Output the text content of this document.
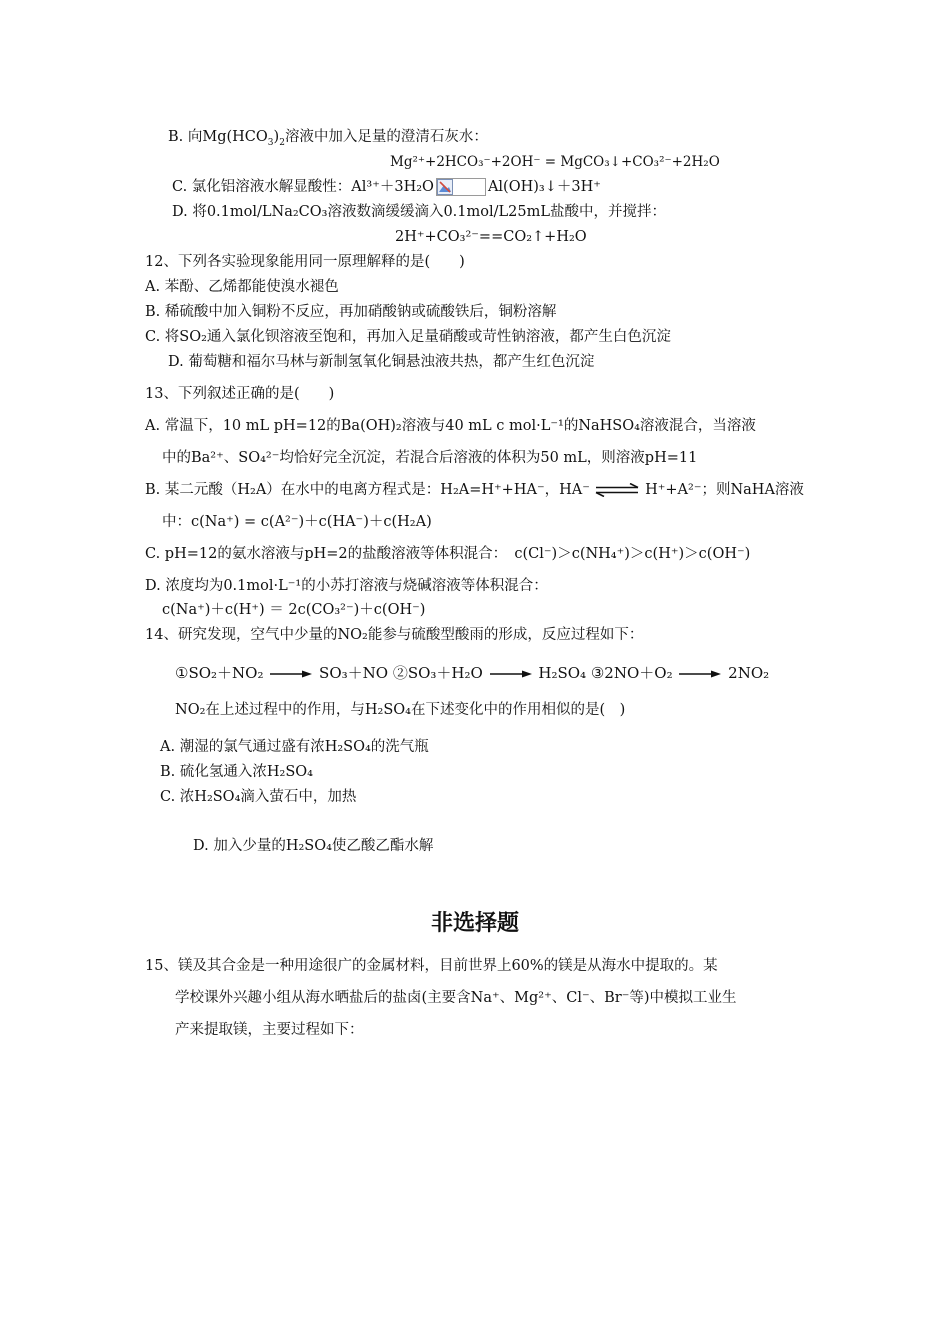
B. 向$Mg(HCO_3)_2$溶液中加入足量的澄清石灰水：
Mg²⁺+2HCO₃⁻+2OH⁻ = MgCO₃↓+CO₃²⁻+2H₂O
C. 氯化铝溶液水解显酸性：Al³⁺＋3H₂O	Al(OH)₃↓＋3H⁺
D. 将0.1mol/LNa₂CO₃溶液数滴缓缓滴入0.1mol/L25mL盐酸中，并搅拌：
2H⁺+CO₃²⁻==CO₂↑+H₂O
12、下列各实验现象能用同一原理解释的是(　　)
A. 苯酚、乙烯都能使溴水褪色
B. 稀硫酸中加入铜粉不反应，再加硝酸钠或硫酸铁后，铜粉溶解
C. 将SO₂通入氯化钡溶液至饱和，再加入足量硝酸或苛性钠溶液，都产生白色沉淀
D. 葡萄糖和福尔马林与新制氢氧化铜悬浊液共热，都产生红色沉淀
13、下列叙述正确的是(　　)
A. 常温下，10 mL pH=12的Ba(OH)₂溶液与40 mL c mol·L⁻¹的NaHSO₄溶液混合，当溶液
中的Ba²⁺、SO₄²⁻均恰好完全沉淀，若混合后溶液的体积为50 mL，则溶液pH=11
B. 某二元酸（H₂A）在水中的电离方程式是：H₂A=H⁺+HA⁻，HA⁻ ⇌ H⁺+A²⁻；则NaHA溶液
中：c(Na⁺) = c(A²⁻)＋c(HA⁻)＋c(H₂A)
C. pH=12的氨水溶液与pH=2的盐酸溶液等体积混合：　c(Cl⁻)＞c(NH₄⁺)＞c(H⁺)＞c(OH⁻)
D. 浓度均为0.1mol·L⁻¹的小苏打溶液与烧碱溶液等体积混合：
c(Na⁺)＋c(H⁺) ＝ 2c(CO₃²⁻)＋c(OH⁻)
14、研究发现，空气中少量的NO₂能参与硫酸型酸雨的形成，反应过程如下：
①SO₂＋NO₂ → SO₃＋NO ②SO₃＋H₂O → H₂SO₄ ③2NO＋O₂ → 2NO₂
NO₂在上述过程中的作用，与H₂SO₄在下述变化中的作用相似的是(　)
A. 潮湿的氯气通过盛有浓H₂SO₄的洗气瓶
B. 硫化氢通入浓H₂SO₄
C. 浓H₂SO₄滴入萤石中，加热
D. 加入少量的H₂SO₄使乙酸乙酯水解
非选择题
15、镁及其合金是一种用途很广的金属材料，目前世界上60%的镁是从海水中提取的。某
学校课外兴趣小组从海水晒盐后的盐卤(主要含Na⁺、Mg²⁺、Cl⁻、Br⁻等)中模拟工业生
产来提取镁，主要过程如下：
